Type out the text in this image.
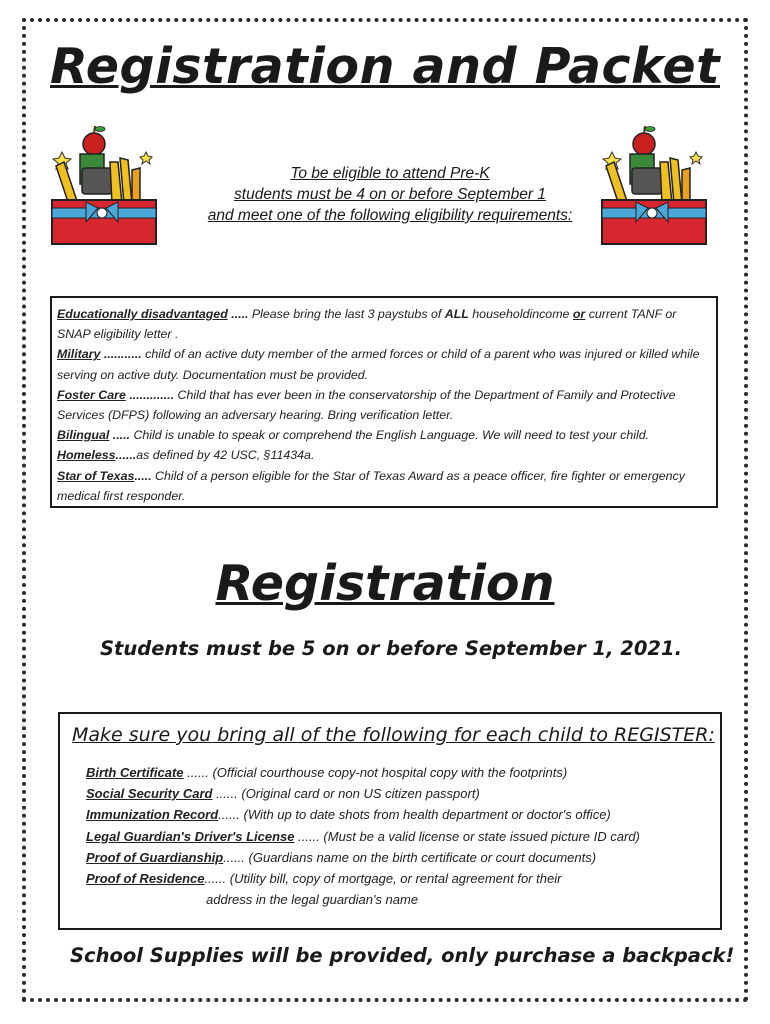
Registration and Packet
To be eligible to attend Pre-K
students must be 4 on or before September 1
and meet one of the following eligibility requirements:

Educationally disadvantaged ..... Please bring the last 3 paystubs of ALL householdincome or current TANF or SNAP eligibility letter .

Military ........... child of an active duty member of the armed forces or child of a parent who was injured or killed while serving on active duty. Documentation must be provided.

Foster Care ............. Child that has ever been in the conservatorship of the Department of Family and Protective Services (DFPS) following an adversary hearing. Bring verification letter.

Bilingual ..... Child is unable to speak or comprehend the English Language. We will need to test your child.

Homeless......as defined by 42 USC, §11434a.

Star of Texas..... Child of a person eligible for the Star of Texas Award as a peace officer, fire fighter or emergency medical first responder.

Registration
Students must be 5 on or before September 1, 2021.
Make sure you bring all of the following for each child to REGISTER:

Birth Certificate ...... (Official courthouse copy-not hospital copy with the footprints)

Social Security Card ...... (Original card or non US citizen passport)

Immunization Record...... (With up to date shots from health department or doctor's office)

Legal Guardian's Driver's License ...... (Must be a valid license or state issued picture ID card)

Proof of Guardianship...... (Guardians name on the birth certificate or court documents)

Proof of Residence...... (Utility bill, copy of mortgage, or rental agreement for their

address in the legal guardian's name

School Supplies will be provided, only purchase a backpack!
